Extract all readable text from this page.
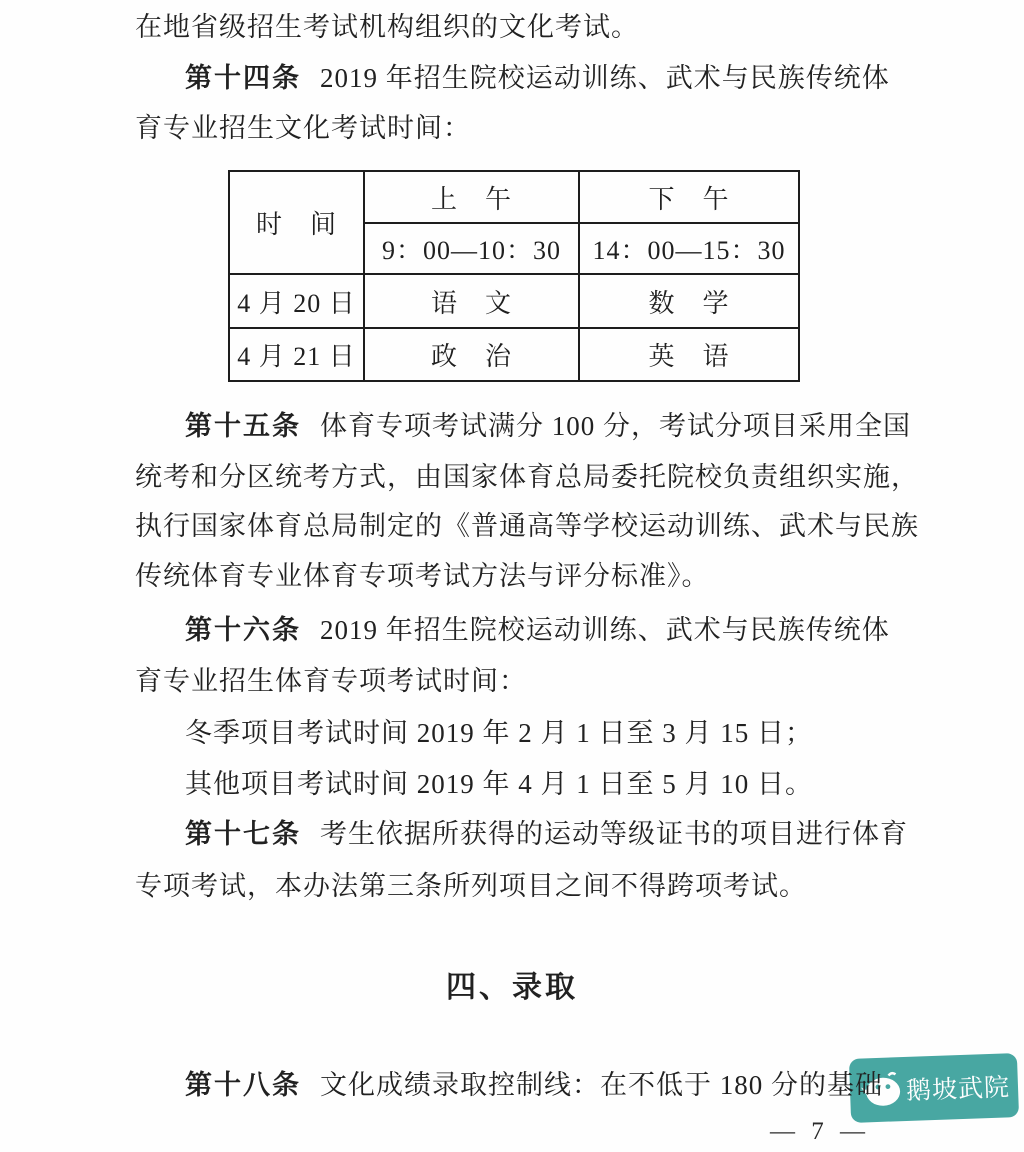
在地省级招生考试机构组织的文化考试。
第十四条 2019 年招生院校运动训练、武术与民族传统体
育专业招生文化考试时间：
时　间	上　午	下　午
	9：00—10：30	14：00—15：30
4 月 20 日	语　文	数　学
4 月 21 日	政　治	英　语
第十五条 体育专项考试满分 100 分，考试分项目采用全国
统考和分区统考方式，由国家体育总局委托院校负责组织实施，
执行国家体育总局制定的《普通高等学校运动训练、武术与民族
传统体育专业体育专项考试方法与评分标准》。
第十六条 2019 年招生院校运动训练、武术与民族传统体
育专业招生体育专项考试时间：
冬季项目考试时间 2019 年 2 月 1 日至 3 月 15 日；
其他项目考试时间 2019 年 4 月 1 日至 5 月 10 日。
第十七条 考生依据所获得的运动等级证书的项目进行体育
专项考试，本办法第三条所列项目之间不得跨项考试。
四、录取
第十八条 文化成绩录取控制线：在不低于 180 分的基础 鹅坡武院
— 7 —
